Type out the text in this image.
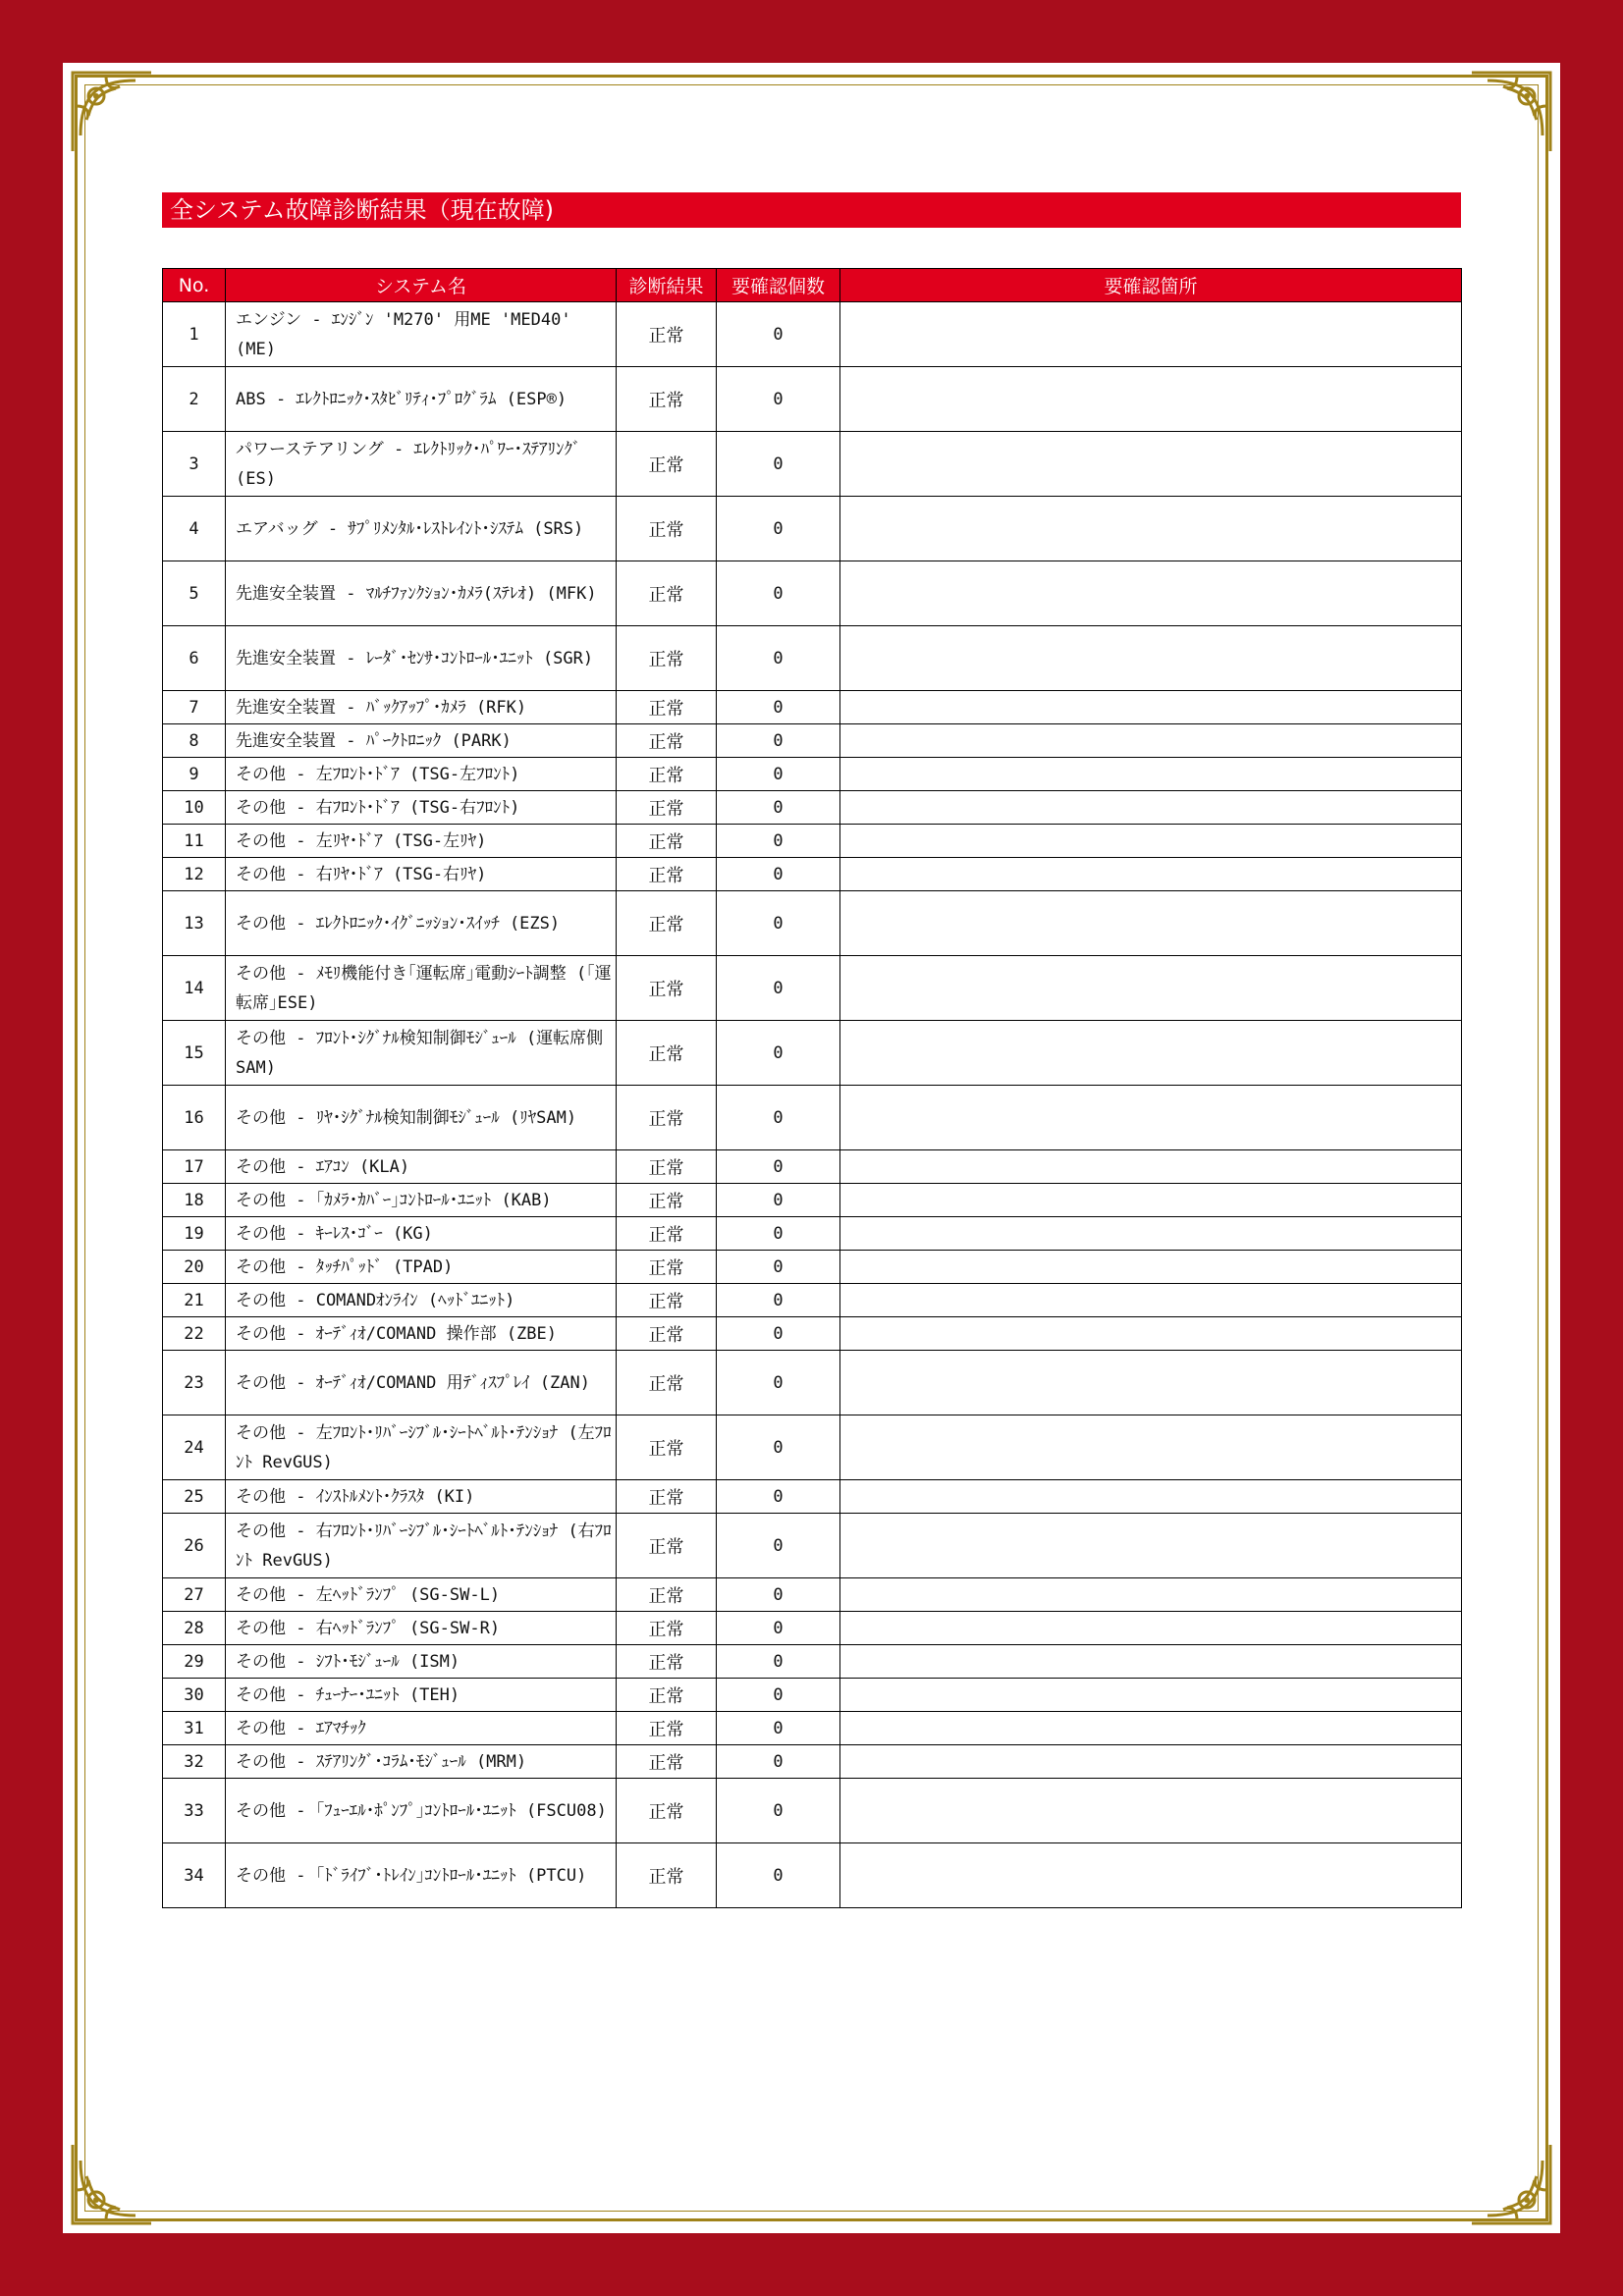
全システム故障診断結果（現在故障)
No.	システム名	診断結果	要確認個数	要確認箇所
1	エンジン - ｴﾝｼﾞﾝ 'M270' 用ME 'MED40' (ME)	正常	0	
2	ABS - ｴﾚｸﾄﾛﾆｯｸ･ｽﾀﾋﾞﾘﾃｨ･ﾌﾟﾛｸﾞﾗﾑ (ESP®)	正常	0	
3	パワーステアリング - ｴﾚｸﾄﾘｯｸ･ﾊﾟﾜｰ･ｽﾃｱﾘﾝｸﾞ (ES)	正常	0	
4	エアバッグ - ｻﾌﾟﾘﾒﾝﾀﾙ･ﾚｽﾄﾚｲﾝﾄ･ｼｽﾃﾑ (SRS)	正常	0	
5	先進安全装置 - ﾏﾙﾁﾌｧﾝｸｼｮﾝ･ｶﾒﾗ(ｽﾃﾚｵ) (MFK)	正常	0	
6	先進安全装置 - ﾚｰﾀﾞ･ｾﾝｻ･ｺﾝﾄﾛｰﾙ･ﾕﾆｯﾄ (SGR)	正常	0	
7	先進安全装置 - ﾊﾞｯｸｱｯﾌﾟ･ｶﾒﾗ (RFK)	正常	0	
8	先進安全装置 - ﾊﾟｰｸﾄﾛﾆｯｸ (PARK)	正常	0	
9	その他 - 左ﾌﾛﾝﾄ･ﾄﾞｱ (TSG-左ﾌﾛﾝﾄ)	正常	0	
10	その他 - 右ﾌﾛﾝﾄ･ﾄﾞｱ (TSG-右ﾌﾛﾝﾄ)	正常	0	
11	その他 - 左ﾘﾔ･ﾄﾞｱ (TSG-左ﾘﾔ)	正常	0	
12	その他 - 右ﾘﾔ･ﾄﾞｱ (TSG-右ﾘﾔ)	正常	0	
13	その他 - ｴﾚｸﾄﾛﾆｯｸ･ｲｸﾞﾆｯｼｮﾝ･ｽｲｯﾁ (EZS)	正常	0	
14	その他 - ﾒﾓﾘ機能付き｢運転席｣電動ｼｰﾄ調整 (｢運転席｣ESE)	正常	0	
15	その他 - ﾌﾛﾝﾄ･ｼｸﾞﾅﾙ検知制御ﾓｼﾞｭｰﾙ (運転席側SAM)	正常	0	
16	その他 - ﾘﾔ･ｼｸﾞﾅﾙ検知制御ﾓｼﾞｭｰﾙ (ﾘﾔSAM)	正常	0	
17	その他 - ｴｱｺﾝ (KLA)	正常	0	
18	その他 - ｢ｶﾒﾗ･ｶﾊﾞｰ｣ｺﾝﾄﾛｰﾙ･ﾕﾆｯﾄ (KAB)	正常	0	
19	その他 - ｷｰﾚｽ･ｺﾞｰ (KG)	正常	0	
20	その他 - ﾀｯﾁﾊﾟｯﾄﾞ (TPAD)	正常	0	
21	その他 - COMANDｵﾝﾗｲﾝ (ﾍｯﾄﾞﾕﾆｯﾄ)	正常	0	
22	その他 - ｵｰﾃﾞｨｵ/COMAND 操作部 (ZBE)	正常	0	
23	その他 - ｵｰﾃﾞｨｵ/COMAND 用ﾃﾞｨｽﾌﾟﾚｲ (ZAN)	正常	0	
24	その他 - 左ﾌﾛﾝﾄ･ﾘﾊﾞｰｼﾌﾞﾙ･ｼｰﾄﾍﾞﾙﾄ･ﾃﾝｼｮﾅ (左ﾌﾛﾝﾄ RevGUS)	正常	0	
25	その他 - ｲﾝｽﾄﾙﾒﾝﾄ･ｸﾗｽﾀ (KI)	正常	0	
26	その他 - 右ﾌﾛﾝﾄ･ﾘﾊﾞｰｼﾌﾞﾙ･ｼｰﾄﾍﾞﾙﾄ･ﾃﾝｼｮﾅ (右ﾌﾛﾝﾄ RevGUS)	正常	0	
27	その他 - 左ﾍｯﾄﾞﾗﾝﾌﾟ (SG-SW-L)	正常	0	
28	その他 - 右ﾍｯﾄﾞﾗﾝﾌﾟ (SG-SW-R)	正常	0	
29	その他 - ｼﾌﾄ･ﾓｼﾞｭｰﾙ (ISM)	正常	0	
30	その他 - ﾁｭｰﾅｰ･ﾕﾆｯﾄ (TEH)	正常	0	
31	その他 - ｴｱﾏﾁｯｸ	正常	0	
32	その他 - ｽﾃｱﾘﾝｸﾞ･ｺﾗﾑ･ﾓｼﾞｭｰﾙ (MRM)	正常	0	
33	その他 - ｢ﾌｭｰｴﾙ･ﾎﾟﾝﾌﾟ｣ｺﾝﾄﾛｰﾙ･ﾕﾆｯﾄ (FSCU08)	正常	0	
34	その他 - ｢ﾄﾞﾗｲﾌﾞ･ﾄﾚｲﾝ｣ｺﾝﾄﾛｰﾙ･ﾕﾆｯﾄ (PTCU)	正常	0	
